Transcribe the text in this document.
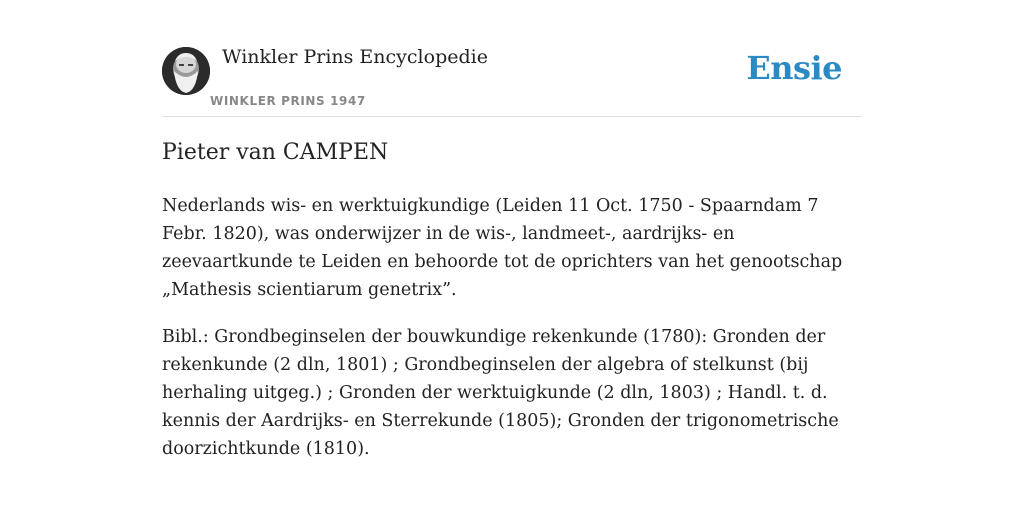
Winkler Prins Encyclopedie
WINKLER PRINS 1947
Ensie
Pieter van CAMPEN

Nederlands wis- en werktuigkundige (Leiden 11 Oct. 1750 - Spaarndam 7 Febr. 1820), was onderwijzer in de wis-, landmeet-, aardrijks- en zeevaartkunde te Leiden en behoorde tot de oprichters van het genootschap „Mathesis scientiarum genetrix”.

Bibl.: Grondbeginselen der bouwkundige rekenkunde (1780): Gronden der rekenkunde (2 dln, 1801) ; Grondbeginselen der algebra of stelkunst (bij herhaling uitgeg.) ; Gronden der werktuigkunde (2 dln, 1803) ; Handl. t. d. kennis der Aardrijks- en Sterrekunde (1805); Gronden der trigonometrische doorzichtkunde (1810).
